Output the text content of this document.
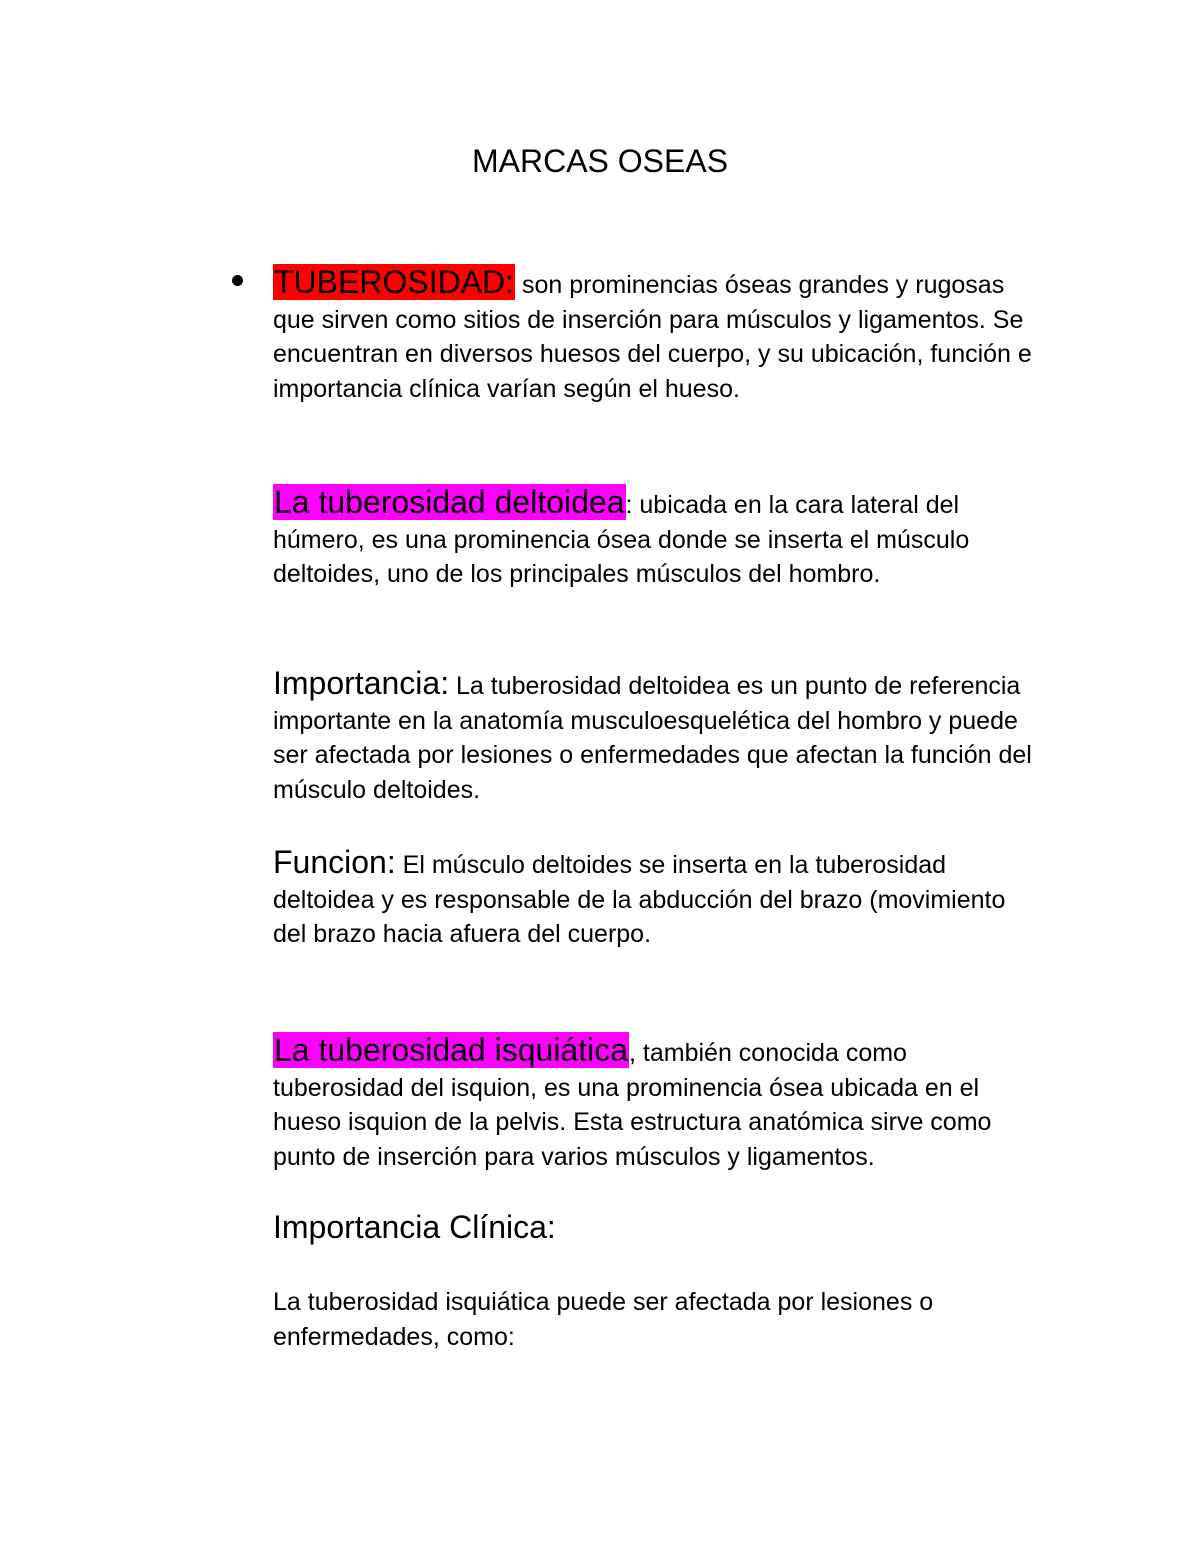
MARCAS OSEAS

TUBEROSIDAD: son prominencias óseas grandes y rugosas que sirven como sitios de inserción para músculos y ligamentos. Se encuentran en diversos huesos del cuerpo, y su ubicación, función e importancia clínica varían según el hueso.

La tuberosidad deltoidea: ubicada en la cara lateral del húmero, es una prominencia ósea donde se inserta el músculo deltoides, uno de los principales músculos del hombro.

Importancia: La tuberosidad deltoidea es un punto de referencia importante en la anatomía musculoesquelética del hombro y puede ser afectada por lesiones o enfermedades que afectan la función del músculo deltoides.

Funcion: El músculo deltoides se inserta en la tuberosidad deltoidea y es responsable de la abducción del brazo (movimiento del brazo hacia afuera del cuerpo.

La tuberosidad isquiática, también conocida como tuberosidad del isquion, es una prominencia ósea ubicada en el hueso isquion de la pelvis. Esta estructura anatómica sirve como punto de inserción para varios músculos y ligamentos.

Importancia Clínica:

La tuberosidad isquiática puede ser afectada por lesiones o enfermedades, como:
